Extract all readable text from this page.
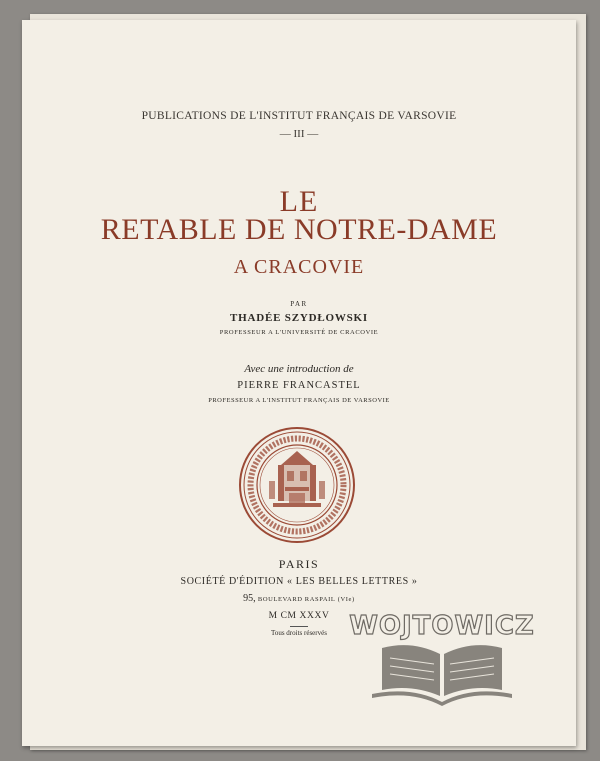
PUBLICATIONS DE L'INSTITUT FRANÇAIS DE VARSOVIE
— III —
LE
RETABLE DE NOTRE-DAME
A CRACOVIE
PAR
THADÉE SZYDŁOWSKI
PROFESSEUR A L'UNIVERSITÉ DE CRACOVIE
Avec une introduction de
PIERRE FRANCASTEL
PROFESSEUR A L'INSTITUT FRANÇAIS DE VARSOVIE
PARIS
SOCIÉTÉ D'ÉDITION « LES BELLES LETTRES »
95, BOULEVARD RASPAIL (VIe)
M CM XXXV
Tous droits réservés WOJTOWICZ
